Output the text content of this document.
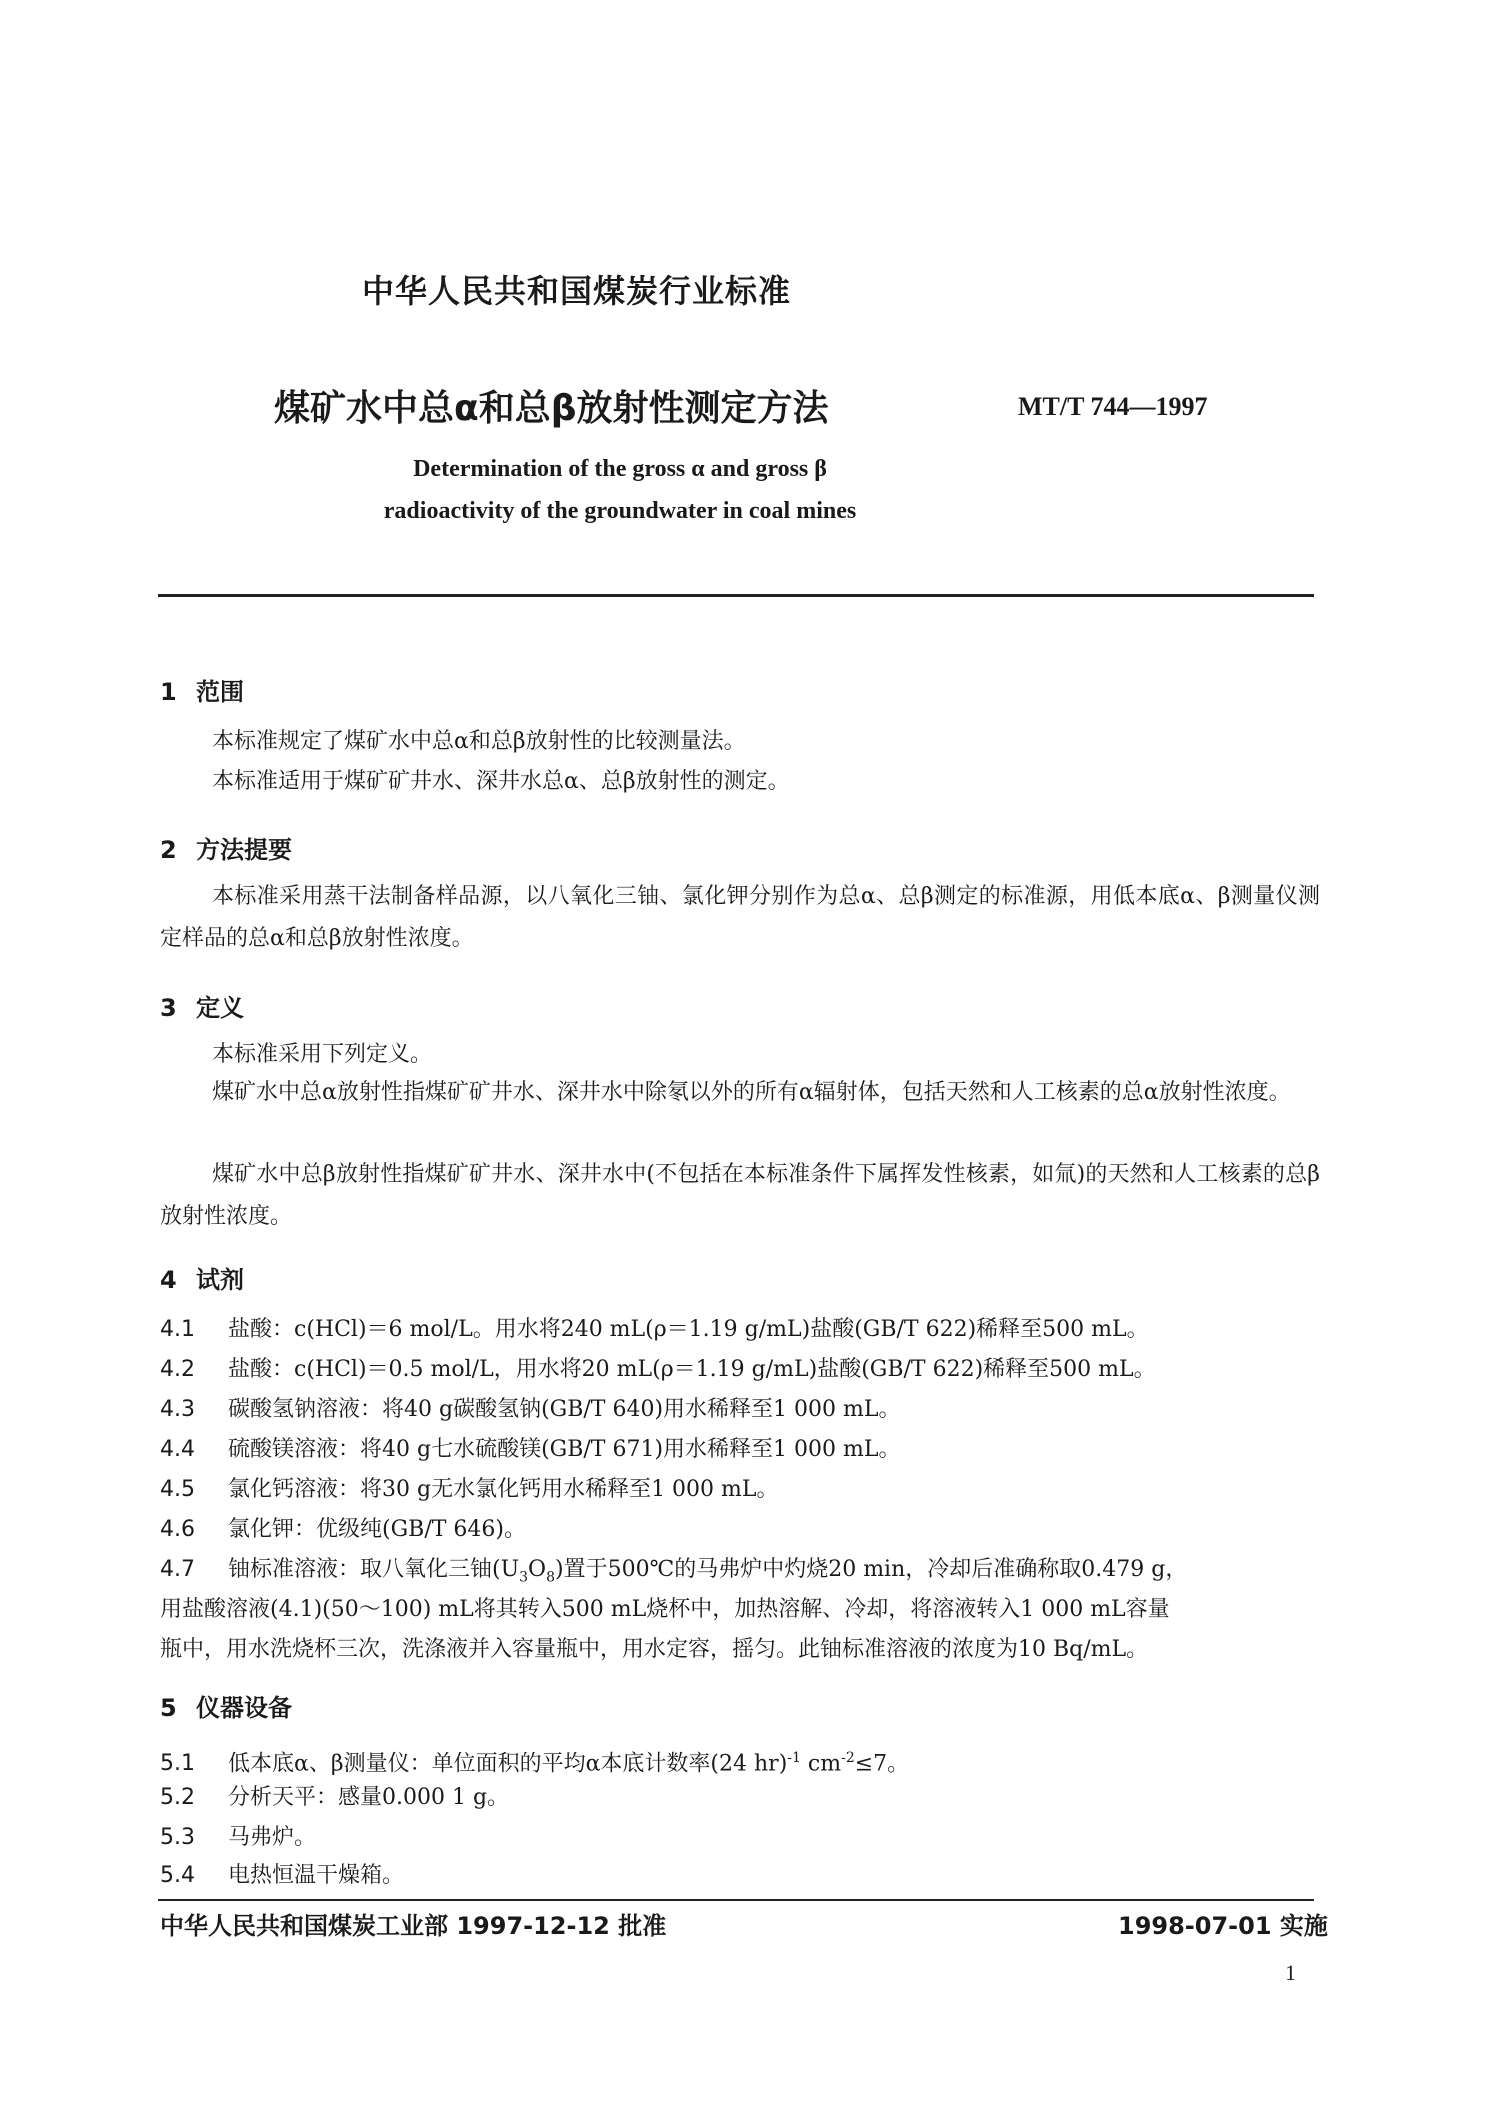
中华人民共和国煤炭行业标准
煤矿水中总α和总β放射性测定方法	MT/T 744—1997
Determination of the gross α and gross β
radioactivity of the groundwater in coal mines
1 范围
本标准规定了煤矿水中总α和总β放射性的比较测量法。
本标准适用于煤矿矿井水、深井水总α、总β放射性的测定。
2 方法提要
本标准采用蒸干法制备样品源，以八氧化三铀、氯化钾分别作为总α、总β测定的标准源，用低本底α、β测量仪测定样品的总α和总β放射性浓度。
3 定义
本标准采用下列定义。
煤矿水中总α放射性指煤矿矿井水、深井水中除氡以外的所有α辐射体，包括天然和人工核素的总α放射性浓度。
煤矿水中总β放射性指煤矿矿井水、深井水中(不包括在本标准条件下属挥发性核素，如氚)的天然和人工核素的总β放射性浓度。
4 试剂
4.1 盐酸：c(HCl)＝6 mol/L。用水将240 mL(ρ＝1.19 g/mL)盐酸(GB/T 622)稀释至500 mL。
4.2 盐酸：c(HCl)＝0.5 mol/L，用水将20 mL(ρ＝1.19 g/mL)盐酸(GB/T 622)稀释至500 mL。
4.3 碳酸氢钠溶液：将40 g碳酸氢钠(GB/T 640)用水稀释至1 000 mL。
4.4 硫酸镁溶液：将40 g七水硫酸镁(GB/T 671)用水稀释至1 000 mL。
4.5 氯化钙溶液：将30 g无水氯化钙用水稀释至1 000 mL。
4.6 氯化钾：优级纯(GB/T 646)。
4.7 铀标准溶液：取八氧化三铀$(U_3O_8)$置于500℃的马弗炉中灼烧20 min，冷却后准确称取0.479 g，
用盐酸溶液(4.1)(50～100) mL将其转入500 mL烧杯中，加热溶解、冷却，将溶液转入1 000 mL容量
瓶中，用水洗烧杯三次，洗涤液并入容量瓶中，用水定容，摇匀。此铀标准溶液的浓度为10 Bq/mL。
5 仪器设备
5.1 低本底α、β测量仪：单位面积的平均α本底计数率(24 hr)$^{-1}$ $cm^{-2}\le 7$。
5.2 分析天平：感量0.000 1 g。
5.3 马弗炉。
5.4 电热恒温干燥箱。
中华人民共和国煤炭工业部 1997-12-12 批准	1998-07-01 实施
1
